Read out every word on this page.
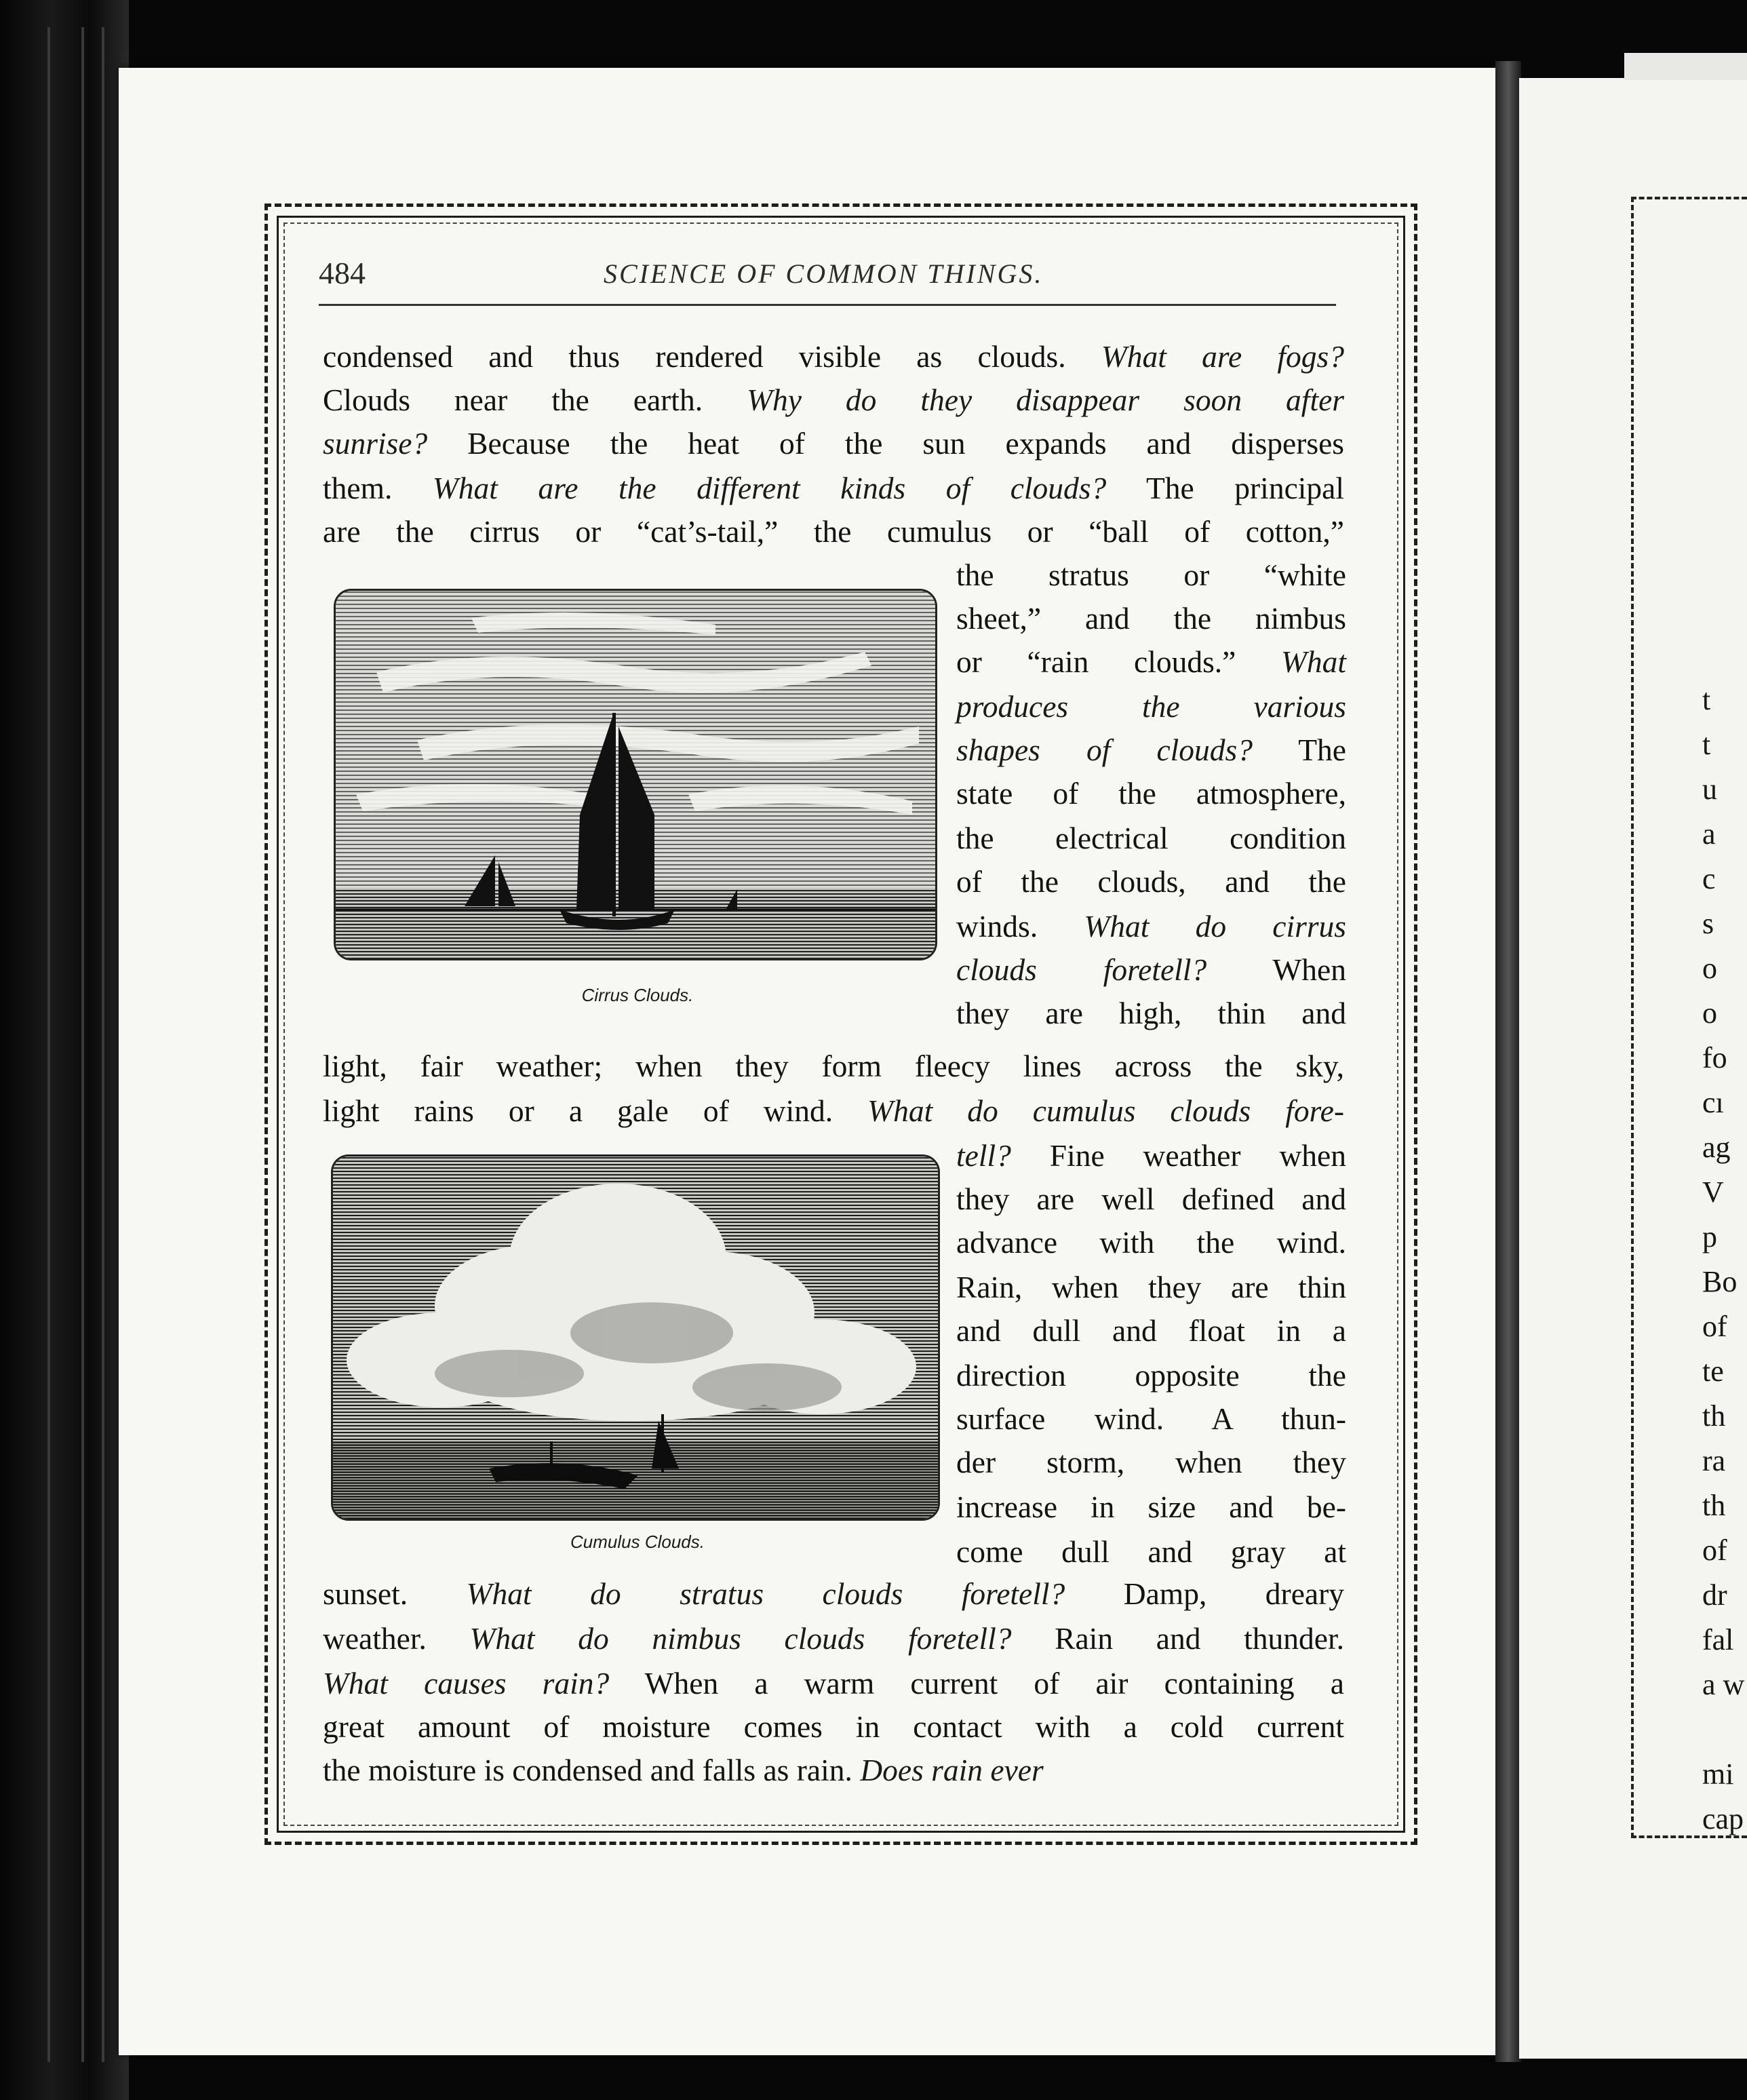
484	SCIENCE OF COMMON THINGS.
condensed and thus rendered visible as clouds. What are fogs?
Clouds near the earth. Why do they disappear soon after
sunrise? Because the heat of the sun expands and disperses
them. What are the different kinds of clouds? The principal
are the cirrus or “cat’s-tail,” the cumulus or “ball of cotton,”
the stratus or “white
sheet,” and the nimbus
or “rain clouds.” What
produces the various
shapes of clouds? The
state of the atmosphere,
the electrical condition
of the clouds, and the
winds. What do cirrus
clouds foretell? When
they are high, thin and
light, fair weather; when they form fleecy lines across the sky,
light rains or a gale of wind. What do cumulus clouds fore-
tell? Fine weather when
they are well defined and
advance with the wind.
Rain, when they are thin
and dull and float in a
direction opposite the
surface wind. A thun-
der storm, when they
increase in size and be-
come dull and gray at
sunset. What do stratus clouds foretell? Damp, dreary
weather. What do nimbus clouds foretell? Rain and thunder.
What causes rain? When a warm current of air containing a
great amount of moisture comes in contact with a cold current
the moisture is condensed and falls as rain. Does rain ever
Cirrus Clouds.
Cumulus Clouds.
t
t
u
a
c
s
o
o
fo
cı
ag
V
p
Bo
of
te
th
ra
th
of
dr
fal
a w
mi
cap
